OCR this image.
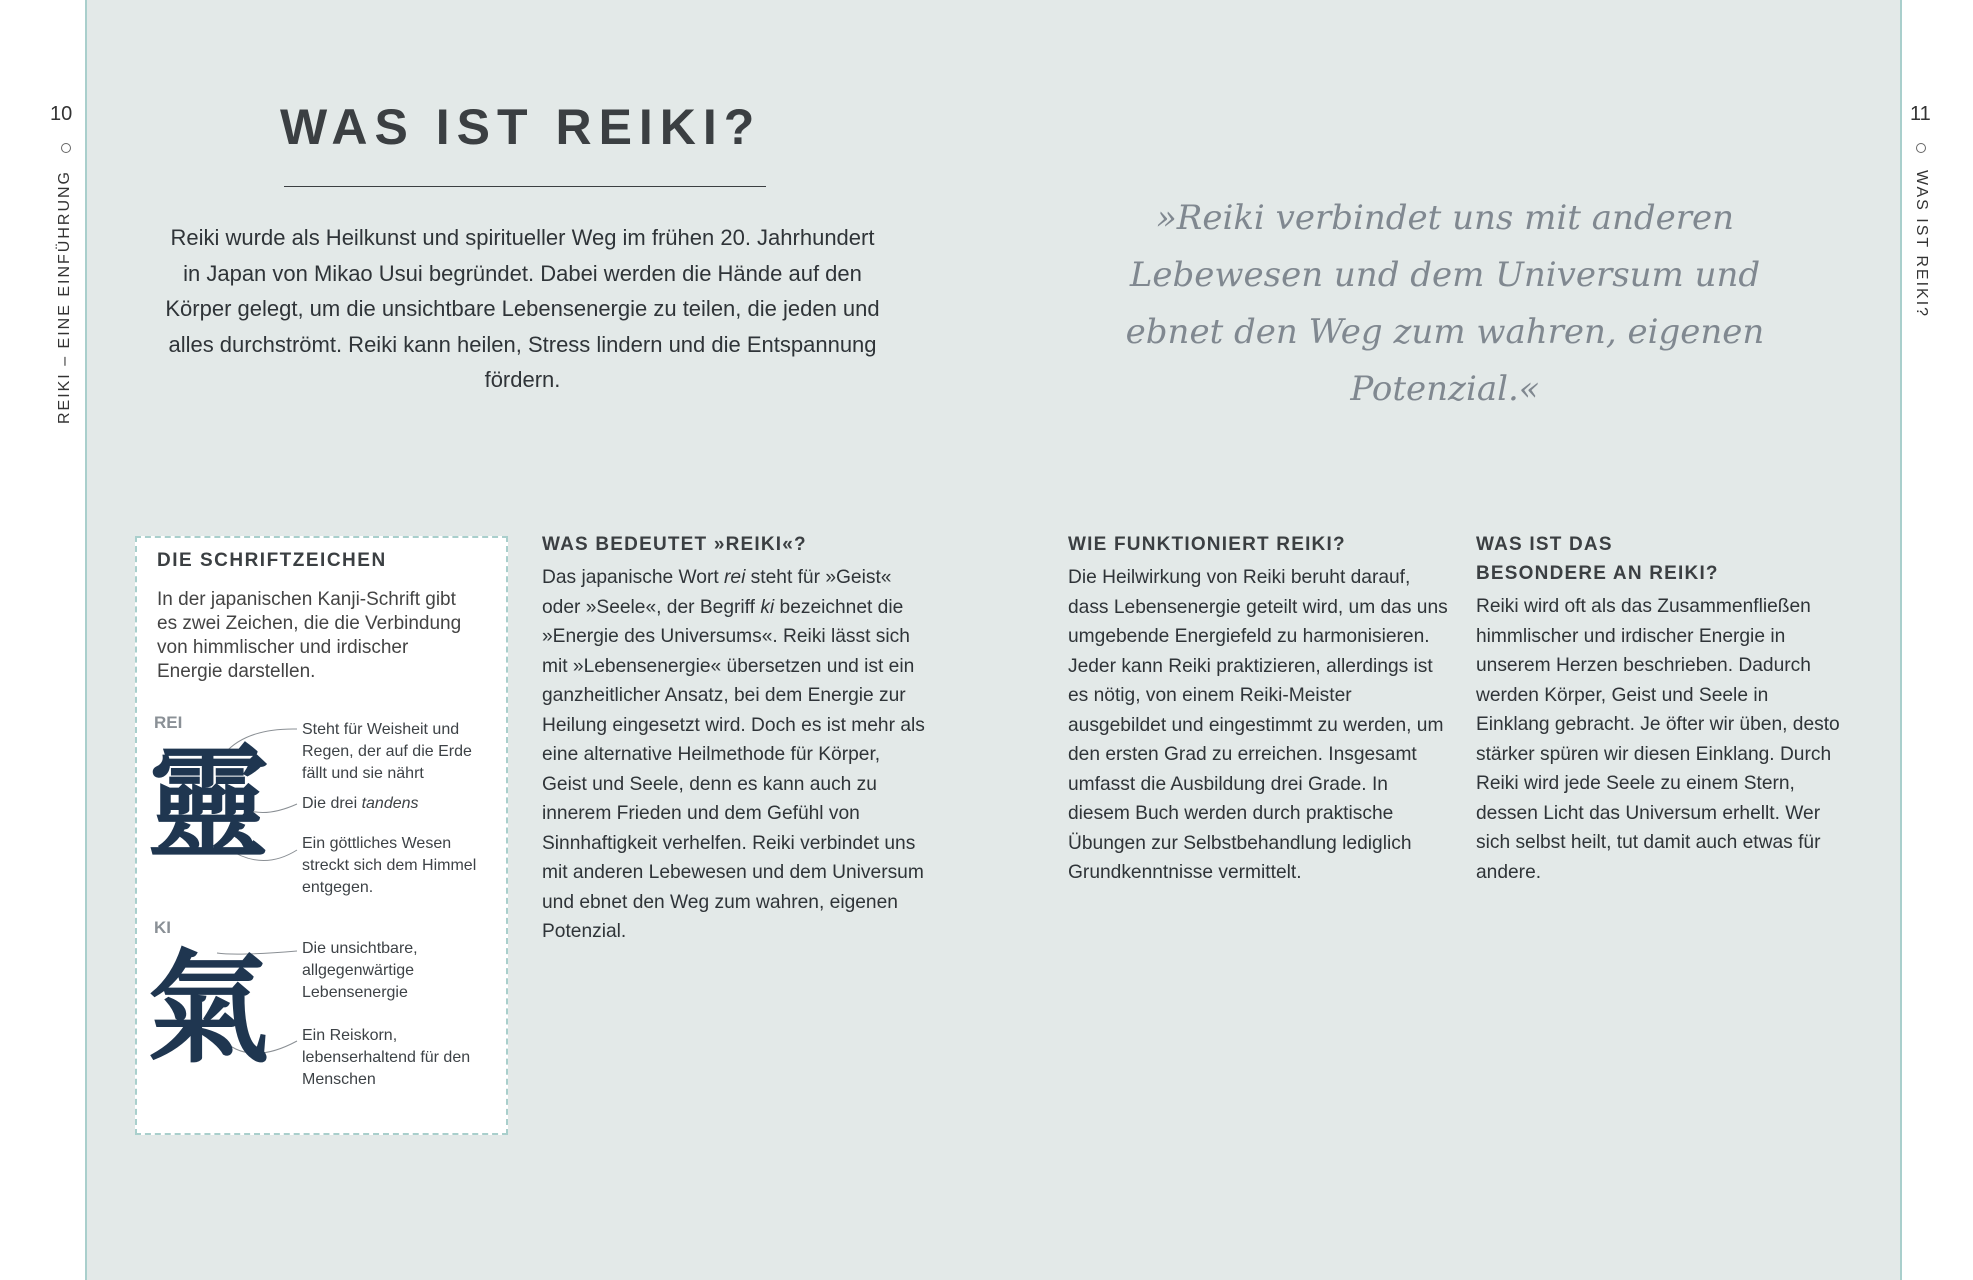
10
REIKI – EINE EINFÜHRUNG
11
WAS IST REIKI?
WAS IST REIKI?

Reiki wurde als Heilkunst und spiritueller Weg im frühen 20. Jahrhundert in Japan von Mikao Usui begründet. Dabei werden die Hände auf den Körper gelegt, um die unsichtbare Lebensenergie zu teilen, die jeden und alles durchströmt. Reiki kann heilen, Stress lindern und die Entspannung fördern.

»Reiki verbindet uns mit anderen Lebewesen und dem Universum und ebnet den Weg zum wahren, eigenen Potenzial.«

DIE SCHRIFTZEICHEN

In der japanischen Kanji-Schrift gibt es zwei Zeichen, die die Verbindung von himmlischer und irdischer Energie darstellen.

REI
靈

Steht für Weisheit und Regen, der auf die Erde fällt und sie nährt

Die drei tandens

Ein göttliches Wesen streckt sich dem Himmel entgegen.

KI
氣 Die unsichtbare, allgegenwärtige Lebensenergie

Ein Reiskorn, lebenserhaltend für den Menschen

WAS BEDEUTET »REIKI«?

Das japanische Wort rei steht für »Geist« oder »Seele«, der Begriff ki bezeichnet die »Energie des Universums«. Reiki lässt sich mit »Lebensenergie« übersetzen und ist ein ganzheitlicher Ansatz, bei dem Energie zur Heilung eingesetzt wird. Doch es ist mehr als eine alternative Heilmethode für Körper, Geist und Seele, denn es kann auch zu innerem Frieden und dem Gefühl von Sinnhaftigkeit verhelfen. Reiki verbindet uns mit anderen Lebewesen und dem Universum und ebnet den Weg zum wahren, eigenen Potenzial.

WIE FUNKTIONIERT REIKI?

Die Heilwirkung von Reiki beruht darauf, dass Lebensenergie geteilt wird, um das uns umgebende Energiefeld zu harmonisieren. Jeder kann Reiki praktizieren, allerdings ist es nötig, von einem Reiki-Meister ausgebildet und eingestimmt zu werden, um den ersten Grad zu erreichen. Insgesamt umfasst die Ausbildung drei Grade. In diesem Buch werden durch praktische Übungen zur Selbstbehandlung lediglich Grundkenntnisse vermittelt.

WAS IST DAS BESONDERE AN REIKI?

Reiki wird oft als das Zusammenfließen himmlischer und irdischer Energie in unserem Herzen beschrieben. Dadurch werden Körper, Geist und Seele in Einklang gebracht. Je öfter wir üben, desto stärker spüren wir diesen Einklang. Durch Reiki wird jede Seele zu einem Stern, dessen Licht das Universum erhellt. Wer sich selbst heilt, tut damit auch etwas für andere.
